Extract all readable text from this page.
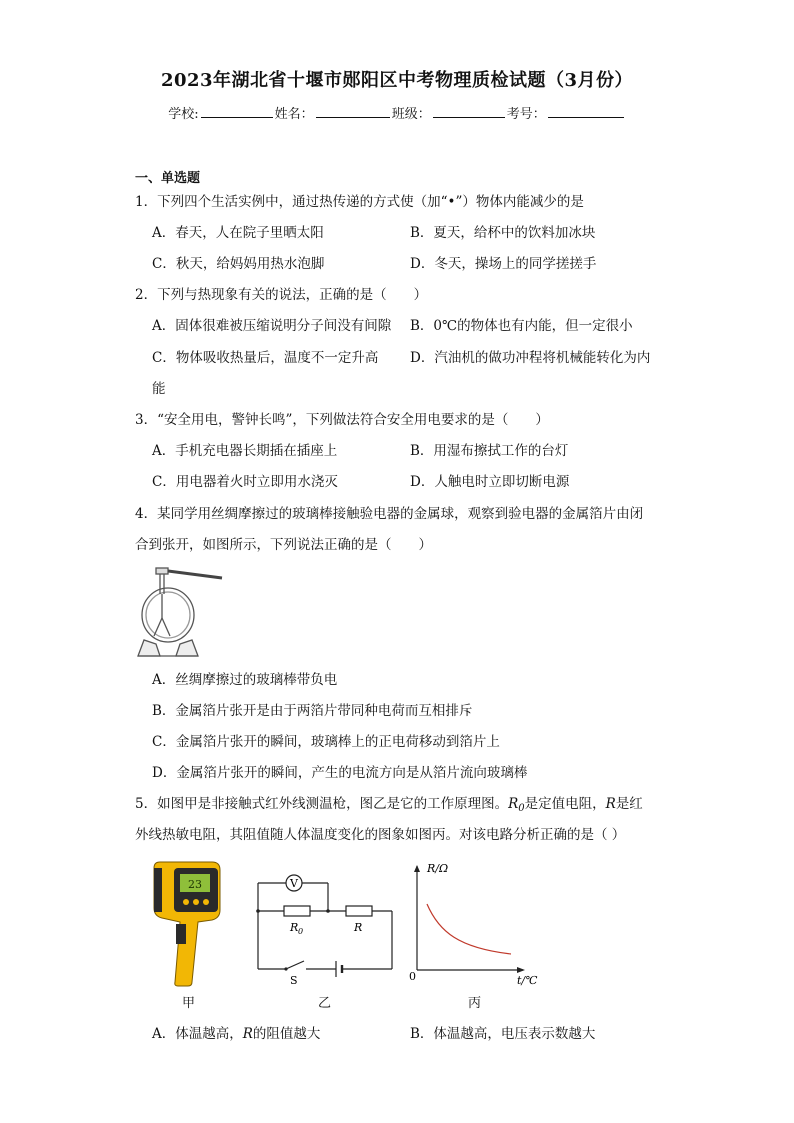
2023年湖北省十堰市郧阳区中考物理质检试题（3月份）
学校:	姓名：	班级：	考号：
一、单选题
1．下列四个生活实例中，通过热传递的方式使（加“•”）物体内能减少的是
A．春天，人在院子里晒太阳	B．夏天，给杯中的饮料加冰块
C．秋天，给妈妈用热水泡脚	D．冬天，操场上的同学搓搓手
2．下列与热现象有关的说法，正确的是（　　）
A．固体很难被压缩说明分子间没有间隙 B．0℃的物体也有内能，但一定很小
C．物体吸收热量后，温度不一定升高 D．汽油机的做功冲程将机械能转化为内
能
3．“安全用电，警钟长鸣”，下列做法符合安全用电要求的是（　　）
A．手机充电器长期插在插座上	B．用湿布擦拭工作的台灯
C．用电器着火时立即用水浇灭	D．人触电时立即切断电源
4．某同学用丝绸摩擦过的玻璃棒接触验电器的金属球，观察到验电器的金属箔片由闭
合到张开，如图所示，下列说法正确的是（　　）
A．丝绸摩擦过的玻璃棒带负电
B．金属箔片张开是由于两箔片带同种电荷而互相排斥
C．金属箔片张开的瞬间，玻璃棒上的正电荷移动到箔片上
D．金属箔片张开的瞬间，产生的电流方向是从箔片流向玻璃棒
5．如图甲是非接触式红外线测温枪，图乙是它的工作原理图。$R_0$是定值电阻，R是红
外线热敏电阻，其阻值随人体温度变化的图象如图丙。对该电路分析正确的是（ ）
23	V
R 0	R
S
R/Ω
0	t/℃
甲	乙	丙
A．体温越高，R的阻值越大	B．体温越高，电压表示数越大
